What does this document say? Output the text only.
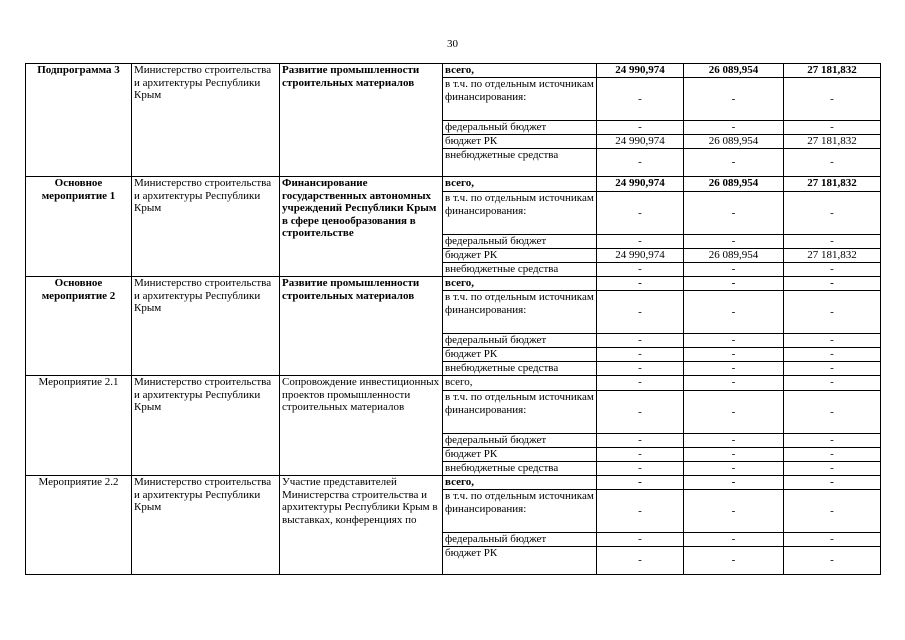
30
Подпрограмма 3	Министерство строительства и архитектуры Республики Крым	Развитие промышленности строительных материалов	всего,	24 990,974	26 089,954	27 181,832
			в т.ч. по отдельным источникам финансирования:	-	-	-
			федеральный бюджет	-	-	-
			бюджет РК	24 990,974	26 089,954	27 181,832
			внебюджетные средства	-	-	-
Основное мероприятие 1	Министерство строительства и архитектуры Республики Крым	Финансирование государственных автономных учреждений Республики Крым в сфере ценообразования в строительстве	всего,	24 990,974	26 089,954	27 181,832
			в т.ч. по отдельным источникам финансирования:	-	-	-
			федеральный бюджет	-	-	-
			бюджет РК	24 990,974	26 089,954	27 181,832
			внебюджетные средства	-	-	-
Основное мероприятие 2	Министерство строительства и архитектуры Республики Крым	Развитие промышленности строительных материалов	всего,	-	-	-
			в т.ч. по отдельным источникам финансирования:	-	-	-
			федеральный бюджет	-	-	-
			бюджет РК	-	-	-
			внебюджетные средства	-	-	-
Мероприятие 2.1	Министерство строительства и архитектуры Республики Крым	Сопровождение инвестиционных проектов промышленности строительных материалов	всего,	-	-	-
			в т.ч. по отдельным источникам финансирования:	-	-	-
			федеральный бюджет	-	-	-
			бюджет РК	-	-	-
			внебюджетные средства	-	-	-
Мероприятие 2.2	Министерство строительства и архитектуры Республики Крым	Участие представителей Министерства строительства и архитектуры Республики Крым в выставках, конференциях по	всего,	-	-	-
			в т.ч. по отдельным источникам финансирования:	-	-	-
			федеральный бюджет	-	-	-
			бюджет РК	-	-	-
